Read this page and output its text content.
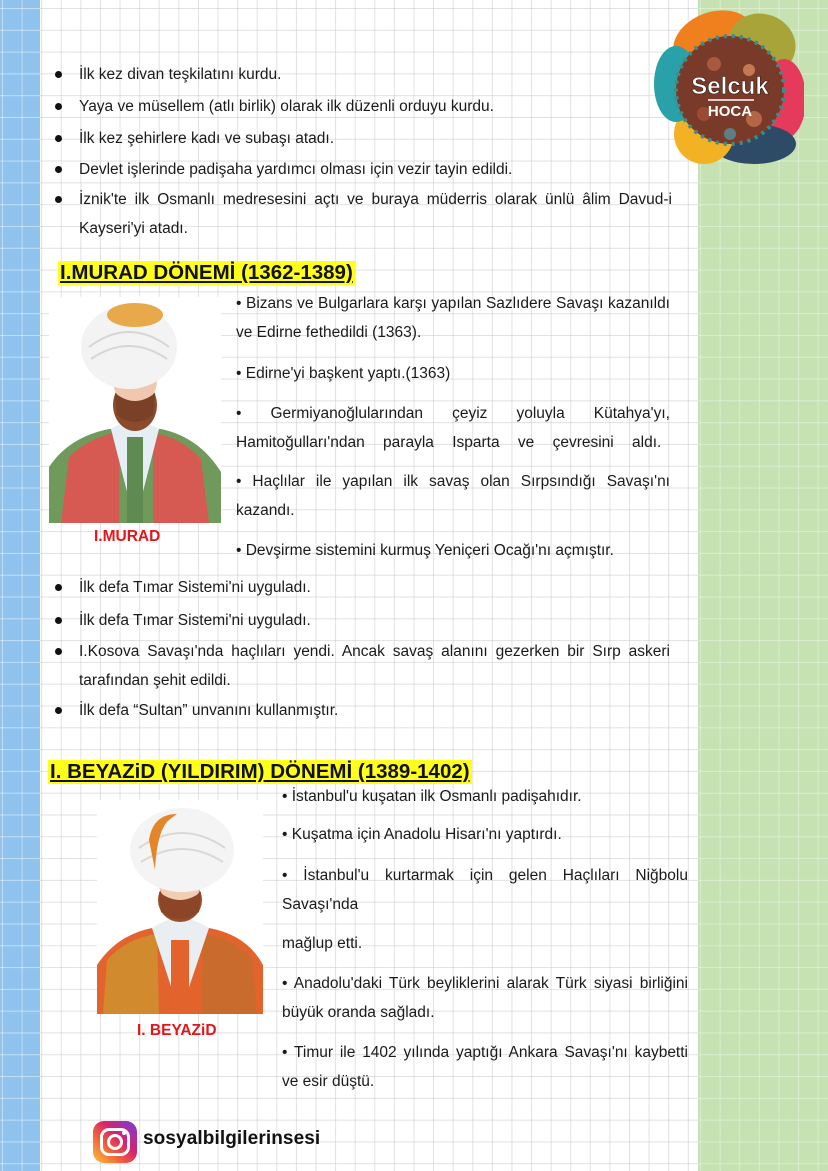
Selcuk
HOCA
İlk kez divan teşkilatını kurdu.
Yaya ve müsellem (atlı birlik) olarak ilk düzenli orduyu kurdu.
İlk kez şehirlere kadı ve subaşı atadı.
Devlet işlerinde padişaha yardımcı olması için vezir tayin edildi.
İznik'te ilk Osmanlı medresesini açtı ve buraya müderris olarak ünlü âlim Davud-i Kayseri'yi atadı.
I.MURAD DÖNEMİ (1362-1389)
I.MURAD
• Bizans ve Bulgarlara karşı yapılan Sazlıdere Savaşı kazanıldı ve Edirne fethedildi (1363).
• Edirne'yi başkent yaptı.(1363)
• Germiyanoğlularından çeyiz yoluyla Kütahya'yı, Hamitoğulları'ndan parayla Isparta ve çevresini aldı.
• Haçlılar ile yapılan ilk savaş olan Sırpsındığı Savaşı'nı kazandı.
• Devşirme sistemini kurmuş Yeniçeri Ocağı'nı açmıştır.
İlk defa Tımar Sistemi'ni uyguladı.
İlk defa Tımar Sistemi'ni uyguladı.
I.Kosova Savaşı'nda haçlıları yendi. Ancak savaş alanını gezerken bir Sırp askeri tarafından şehit edildi.
İlk defa “Sultan” unvanını kullanmıştır.
I. BEYAZiD (YILDIRIM) DÖNEMİ (1389-1402)
I. BEYAZiD
• İstanbul'u kuşatan ilk Osmanlı padişahıdır.
• Kuşatma için Anadolu Hisarı'nı yaptırdı.
• İstanbul'u kurtarmak için gelen Haçlıları Niğbolu Savaşı'nda
mağlup etti.
• Anadolu'daki Türk beyliklerini alarak Türk siyasi birliğini büyük oranda sağladı.
• Timur ile 1402 yılında yaptığı Ankara Savaşı'nı kaybetti ve esir düştü.
sosyalbilgilerinsesi
